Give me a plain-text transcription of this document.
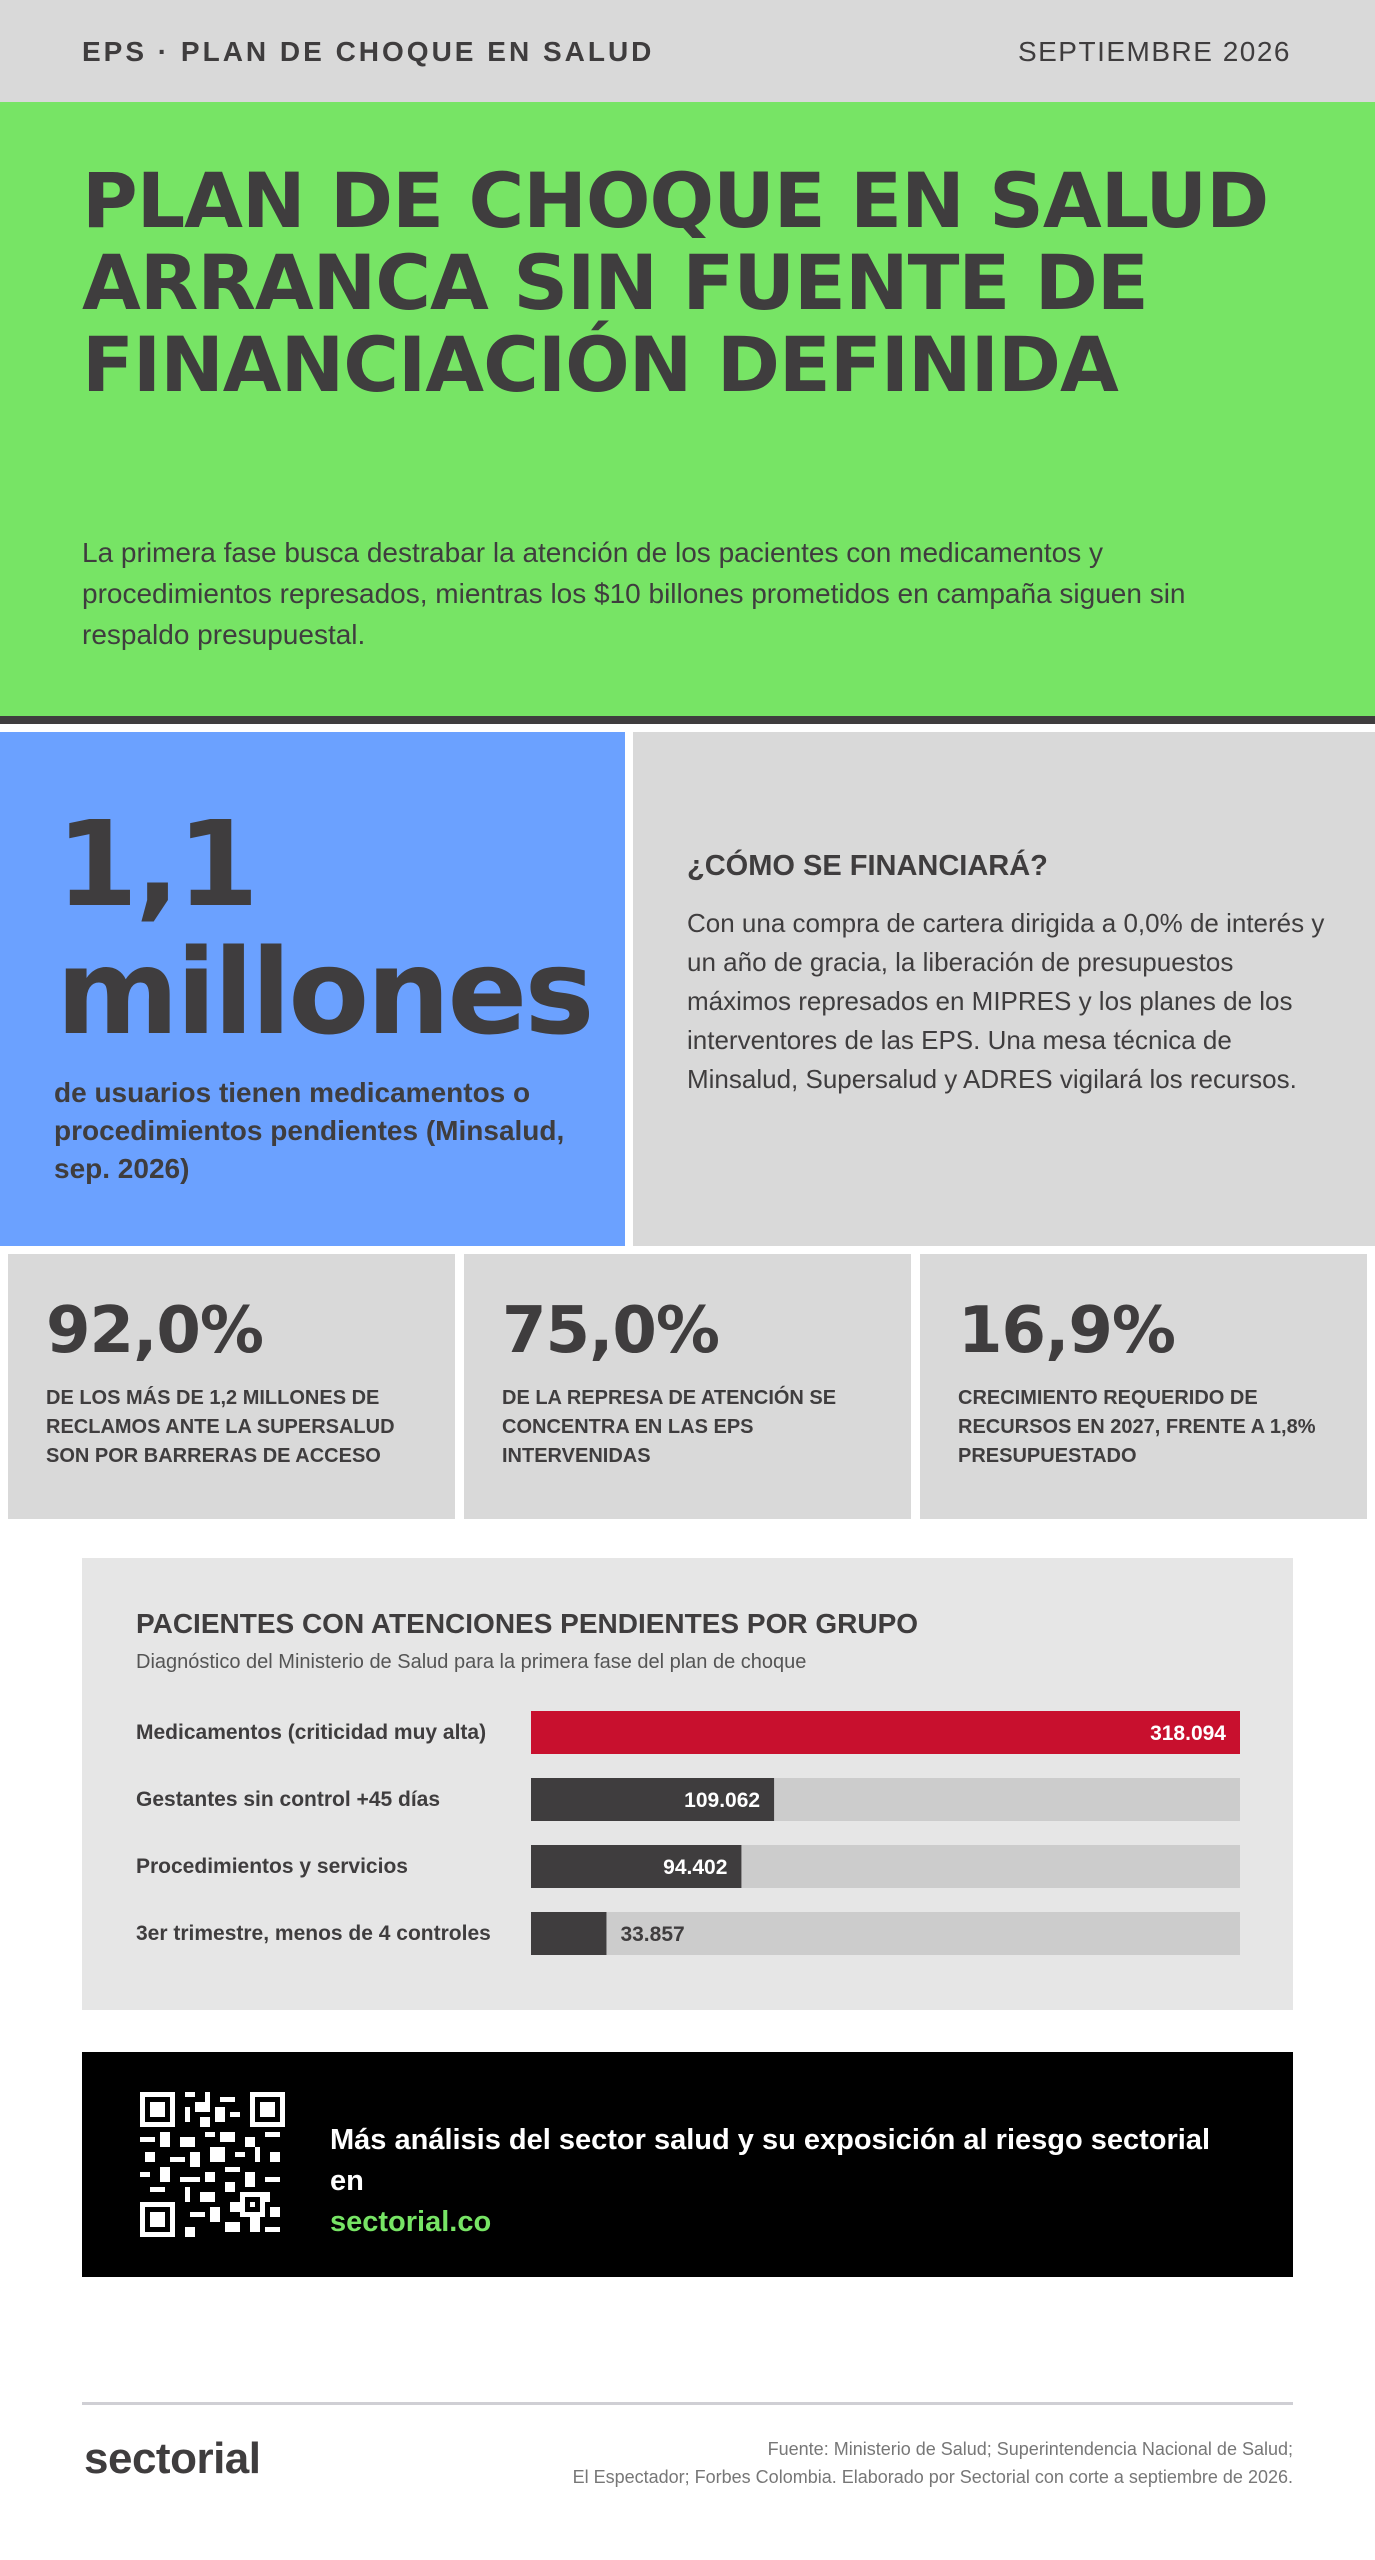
EPS · PLAN DE CHOQUE EN SALUD	SEPTIEMBRE 2026
PLAN DE CHOQUE EN SALUD ARRANCA SIN FUENTE DE FINANCIACIÓN DEFINIDA

La primera fase busca destrabar la atención de los pacientes con medicamentos y procedimientos represados, mientras los $10 billones prometidos en campaña siguen sin respaldo presupuestal.

1,1
millones
de usuarios tienen medicamentos o procedimientos pendientes (Minsalud, sep. 2026)
¿CÓMO SE FINANCIARÁ?

Con una compra de cartera dirigida a 0,0% de interés y un año de gracia, la liberación de presupuestos máximos represados en MIPRES y los planes de los interventores de las EPS. Una mesa técnica de Minsalud, Supersalud y ADRES vigilará los recursos.

92,0%
DE LOS MÁS DE 1,2 MILLONES DE RECLAMOS ANTE LA SUPERSALUD SON POR BARRERAS DE ACCESO
75,0%
DE LA REPRESA DE ATENCIÓN SE CONCENTRA EN LAS EPS INTERVENIDAS
16,9%
CRECIMIENTO REQUERIDO DE RECURSOS EN 2027, FRENTE A 1,8% PRESUPUESTADO
PACIENTES CON ATENCIONES PENDIENTES POR GRUPO
Diagnóstico del Ministerio de Salud para la primera fase del plan de choque
Medicamentos (criticidad muy alta)	318.094
Gestantes sin control +45 días	109.062
Procedimientos y servicios	94.402
3er trimestre, menos de 4 controles	33.857
Más análisis del sector salud y su exposición al riesgo sectorial en
sectorial.co
sectorial	Fuente: Ministerio de Salud; Superintendencia Nacional de Salud;
El Espectador; Forbes Colombia. Elaborado por Sectorial con corte a septiembre de 2026.
